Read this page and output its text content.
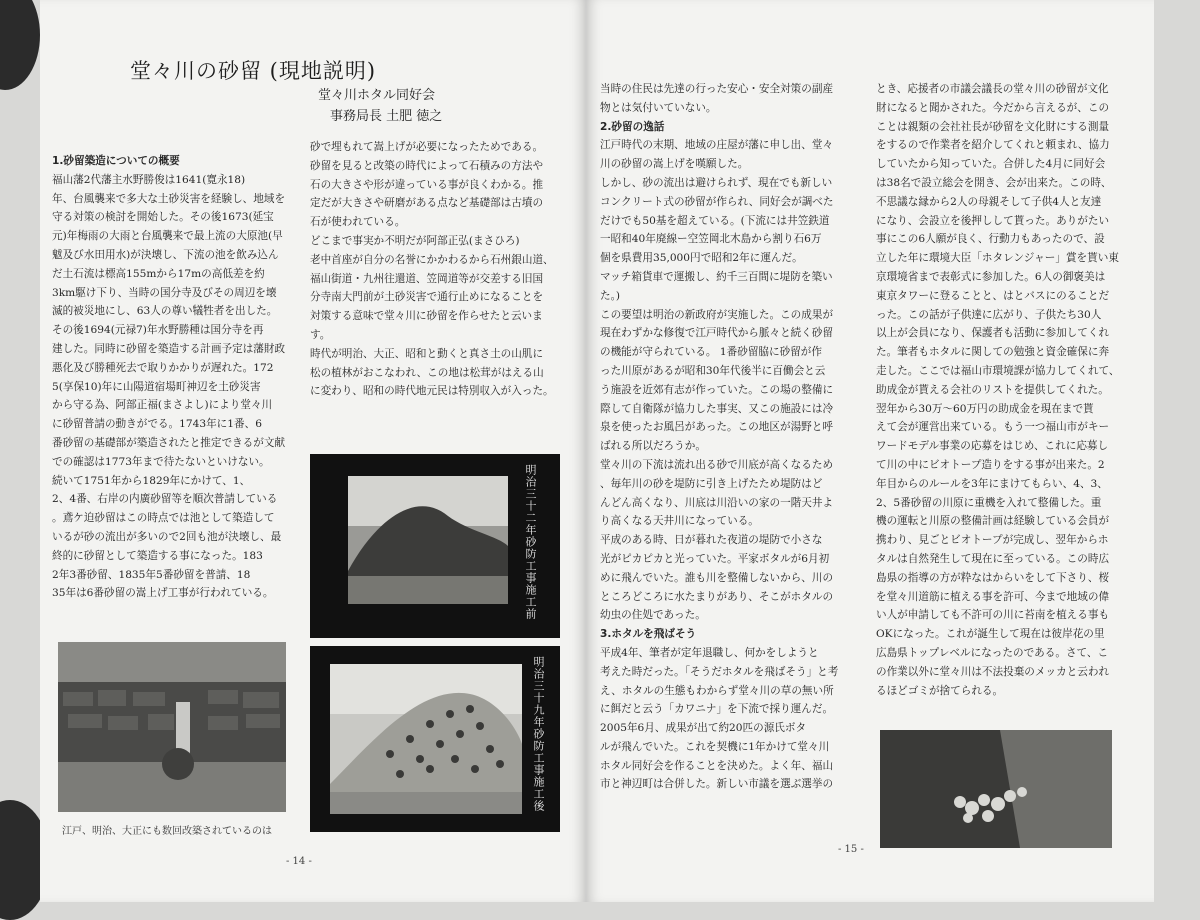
堂々川の砂留 (現地説明)
堂々川ホタル同好会
事務局長 土肥 徳之

1.砂留築造についての概要

福山藩2代藩主水野勝俊は1641(寛永18)

年、台風襲来で多大な土砂災害を経験し、地域を

守る対策の検討を開始した。その後1673(延宝

元)年梅雨の大雨と台風襲来で最上流の大原池(早

魃及び水田用水)が決壊し、下流の池を飲み込ん

だ土石流は標高155mから17mの高低差を約

3km駆け下り、当時の国分寺及びその周辺を壊

滅的被災地にし、63人の尊い犠牲者を出した。

その後1694(元禄7)年水野勝種は国分寺を再

建した。同時に砂留を築造する計画予定は藩財政

悪化及び勝種死去で取りかかりが遅れた。172

5(享保10)年に山陽道宿場町神辺を土砂災害

から守る為、阿部正福(まさよし)により堂々川

に砂留普請の動きがでる。1743年に1番、6

番砂留の基礎部が築造されたと推定できるが文献

での確認は1773年まで待たないといけない。

続いて1751年から1829年にかけて、1、

2、4番、右岸の内廣砂留等を順次普請している

。鳶ケ迫砂留はこの時点では池として築造して

いるが砂の流出が多いので2回も池が決壊し、最

終的に砂留として築造する事になった。183

2年3番砂留、1835年5番砂留を普請、18

35年は6番砂留の嵩上げ工事が行われている。

砂で埋もれて嵩上げが必要になったためである。

砂留を見ると改築の時代によって石積みの方法や

石の大きさや形が違っている事が良くわかる。推

定だが大きさや研磨がある点など基礎部は古墳の

石が使われている。

どこまで事実か不明だが阿部正弘(まさひろ)

老中首座が自分の名誉にかかわるから石州銀山道、

福山街道・九州往還道、笠岡道等が交差する旧国

分寺南大門前が土砂災害で通行止めになることを

対策する意味で堂々川に砂留を作らせたと云いま

す。

時代が明治、大正、昭和と動くと真さ土の山肌に

松の植林がおこなわれ、この地は松茸がはえる山

に変わり、昭和の時代地元民は特別収入が入った。

江戸、明治、大正にも数回改築されているのは
明治三十二年砂防工事施工前
明治三十九年砂防工事施工後
- 14 -

当時の住民は先達の行った安心・安全対策の副産

物とは気付いていない。

2.砂留の逸話

江戸時代の末期、地域の庄屋が藩に申し出、堂々

川の砂留の嵩上げを嘆願した。

しかし、砂の流出は避けられず、現在でも新しい

コンクリート式の砂留が作られ、同好会が調べた

だけでも50基を超えている。(下流には井笠鉄道

一昭和40年廃線ー空笠岡北木島から割り石6万

個を県費用35,000円で昭和2年に運んだ。

マッチ箱貨車で運搬し、約千三百間に堤防を築い

た。)

この要望は明治の新政府が実施した。この成果が

現在わずかな修復で江戸時代から脈々と続く砂留

の機能が守られている。 1番砂留脇に砂留が作

った川原があるが昭和30年代後半に百働会と云

う施設を近郊有志が作っていた。この場の整備に

際して自衛隊が協力した事実、又この施設には冷

泉を使ったお風呂があった。この地区が湯野と呼

ばれる所以だろうか。

堂々川の下流は流れ出る砂で川底が高くなるため

、毎年川の砂を堤防に引き上げたため堤防はど

んどん高くなり、川底は川沿いの家の一階天井よ

り高くなる天井川になっている。

平成のある時、日が暮れた夜道の堤防で小さな

光がピカピカと光っていた。平家ボタルが6月初

めに飛んでいた。誰も川を整備しないから、川の

ところどころに水たまりがあり、そこがホタルの

幼虫の住処であった。

3.ホタルを飛ばそう

平成4年、筆者が定年退職し、何かをしようと

考えた時だった。「そうだホタルを飛ばそう」と考

え、ホタルの生態もわからず堂々川の草の無い所

に餌だと云う「カワニナ」を下流で採り運んだ。

2005年6月、成果が出て約20匹の源氏ボタ

ルが飛んでいた。これを契機に1年かけて堂々川

ホタル同好会を作ることを決めた。よく年、福山

市と神辺町は合併した。新しい市議を選ぶ選挙の

とき、応援者の市議会議長の堂々川の砂留が文化

財になると聞かされた。今だから言えるが、この

ことは親類の会社社長が砂留を文化財にする測量

をするので作業者を紹介してくれと頼まれ、協力

していたから知っていた。合併した4月に同好会

は38名で設立総会を開き、会が出来た。この時、

不思議な縁から2人の母親そして子供4人と友達

になり、会設立を後押しして貰った。ありがたい

事にこの6人願が良く、行動力もあったので、設

立した年に環境大臣「ホタレンジャー」賞を貰い東

京環境省まで表彰式に参加した。6人の御褒美は

東京タワーに登ることと、はとバスにのることだ

った。この話が子供達に広がり、子供たち30人

以上が会員になり、保護者も活動に参加してくれ

た。筆者もホタルに関しての勉強と資金確保に奔

走した。ここでは福山市環境課が協力してくれて、

助成金が貰える会社のリストを提供してくれた。

翌年から30万〜60万円の助成金を現在まで貰

えて会が運営出来ている。もう一つ福山市がキー

ワードモデル事業の応募をはじめ、これに応募し

て川の中にビオトープ造りをする事が出来た。2

年目からのルールを3年にまけてもらい、4、3、

2、5番砂留の川原に重機を入れて整備した。重

機の運転と川原の整備計画は経験している会員が

携わり、見ごとビオトープが完成し、翌年からホ

タルは自然発生して現在に至っている。この時広

島県の指導の方が粋なはからいをして下さり、桜

を堂々川道筋に植える事を許可、今まで地域の偉

い人が申請しても不許可の川に苔南を植える事も

OKになった。これが誕生して現在は彼岸花の里

広島県トップレベルになったのである。さて、こ

の作業以外に堂々川は不法投棄のメッカと云われ

るほどゴミが捨てられる。

- 15 -
